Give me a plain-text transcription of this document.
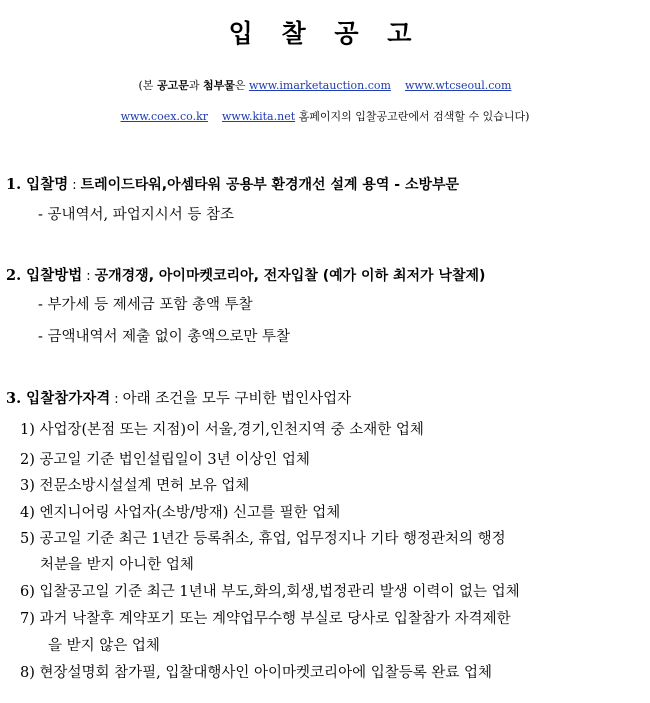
입 찰 공 고
(본 공고문과 첨부물은 www.imarketauction.com www.wtcseoul.com
www.coex.co.kr www.kita.net 홈페이지의 입찰공고란에서 검색할 수 있습니다)
1. 입찰명 : 트레이드타워,아셈타워 공용부 환경개선 설계 용역 - 소방부문
- 공내역서, 파업지시서 등 참조
2. 입찰방법 : 공개경쟁, 아이마켓코리아, 전자입찰 (예가 이하 최저가 낙찰제)
- 부가세 등 제세금 포함 총액 투찰
- 금액내역서 제출 없이 총액으로만 투찰
3. 입찰참가자격 : 아래 조건을 모두 구비한 법인사업자
1) 사업장(본점 또는 지점)이 서울,경기,인천지역 중 소재한 업체
2) 공고일 기준 법인설립일이 3년 이상인 업체
3) 전문소방시설설계 면허 보유 업체
4) 엔지니어링 사업자(소방/방재) 신고를 필한 업체
5) 공고일 기준 최근 1년간 등록취소, 휴업, 업무정지나 기타 행정관처의 행정
처분을 받지 아니한 업체
6) 입찰공고일 기준 최근 1년내 부도,화의,회생,법정관리 발생 이력이 없는 업체
7) 과거 낙찰후 계약포기 또는 계약업무수행 부실로 당사로 입찰참가 자격제한
을 받지 않은 업체
8) 현장설명회 참가필, 입찰대행사인 아이마켓코리아에 입찰등록 완료 업체
